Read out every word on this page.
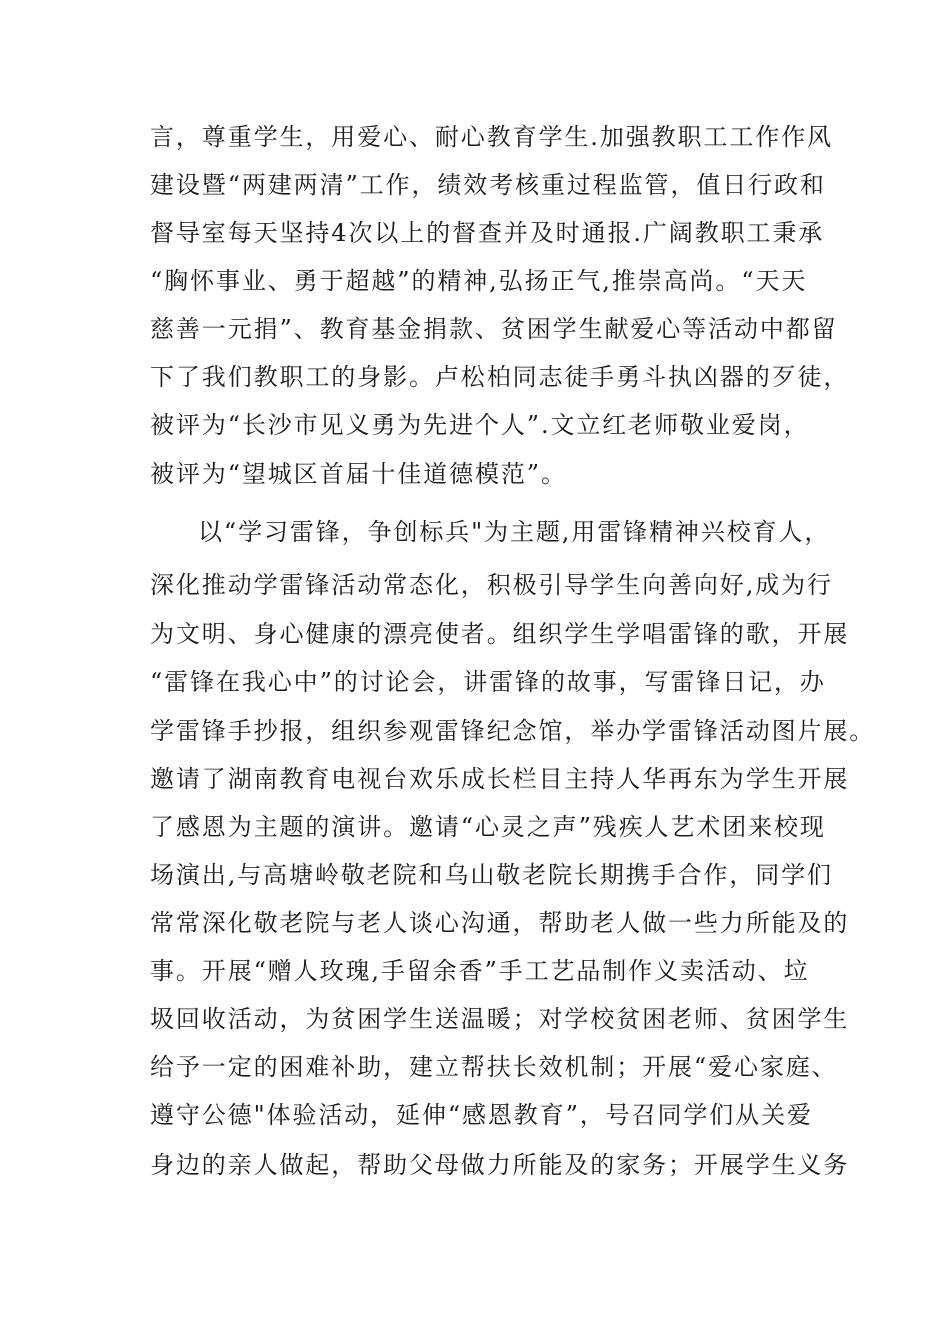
言，尊重学生，用爱心、耐心教育学生.加强教职工工作作风
建设暨“两建两清”工作，绩效考核重过程监管，值日行政和
督导室每天坚持4次以上的督查并及时通报.广阔教职工秉承
“胸怀事业、勇于超越”的精神,弘扬正气,推崇高尚。“天天
慈善一元捐”、教育基金捐款、贫困学生献爱心等活动中都留
下了我们教职工的身影。卢松柏同志徒手勇斗执凶器的歹徒，
被评为“长沙市见义勇为先进个人”.文立红老师敬业爱岗，
被评为“望城区首届十佳道德模范”。
以“学习雷锋，争创标兵"为主题,用雷锋精神兴校育人，
深化推动学雷锋活动常态化，积极引导学生向善向好,成为行
为文明、身心健康的漂亮使者。组织学生学唱雷锋的歌，开展
“雷锋在我心中”的讨论会，讲雷锋的故事，写雷锋日记，办
学雷锋手抄报，组织参观雷锋纪念馆，举办学雷锋活动图片展。
邀请了湖南教育电视台欢乐成长栏目主持人华再东为学生开展
了感恩为主题的演讲。邀请“心灵之声”残疾人艺术团来校现
场演出,与高塘岭敬老院和乌山敬老院长期携手合作，同学们
常常深化敬老院与老人谈心沟通，帮助老人做一些力所能及的
事。开展“赠人玫瑰,手留余香”手工艺品制作义卖活动、垃
圾回收活动，为贫困学生送温暖；对学校贫困老师、贫困学生
给予一定的困难补助，建立帮扶长效机制；开展“爱心家庭、
遵守公德"体验活动，延伸“感恩教育”，号召同学们从关爱
身边的亲人做起，帮助父母做力所能及的家务；开展学生义务
